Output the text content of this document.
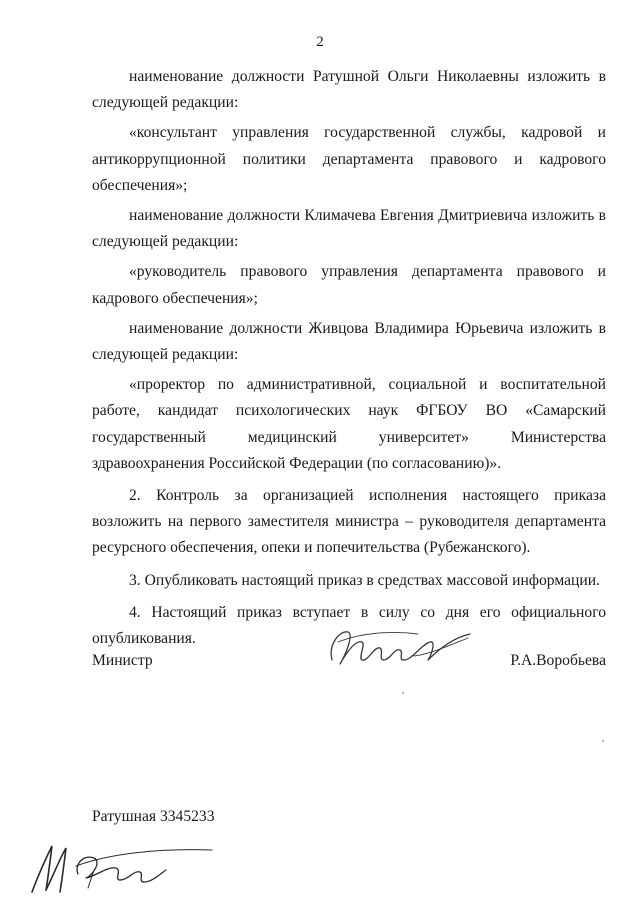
2

наименование должности Ратушной Ольги Николаевны изложить в следующей редакции:

«консультант управления государственной службы, кадровой и антикоррупционной политики департамента правового и кадрового обеспечения»;

наименование должности Климачева Евгения Дмитриевича изложить в следующей редакции:

«руководитель правового управления департамента правового и кадрового обеспечения»;

наименование должности Живцова Владимира Юрьевича изложить в следующей редакции:

«проректор по административной, социальной и воспитательной работе, кандидат психологических наук ФГБОУ ВО «Самарский государственный медицинский университет» Министерства здравоохранения Российской Федерации (по согласованию)».

2. Контроль за организацией исполнения настоящего приказа возложить на первого заместителя министра – руководителя департамента ресурсного обеспечения, опеки и попечительства (Рубежанского).

3. Опубликовать настоящий приказ в средствах массовой информации.

4. Настоящий приказ вступает в силу со дня его официального опубликования.

Министр	Р.А.Воробьева
Ратушная 3345233
